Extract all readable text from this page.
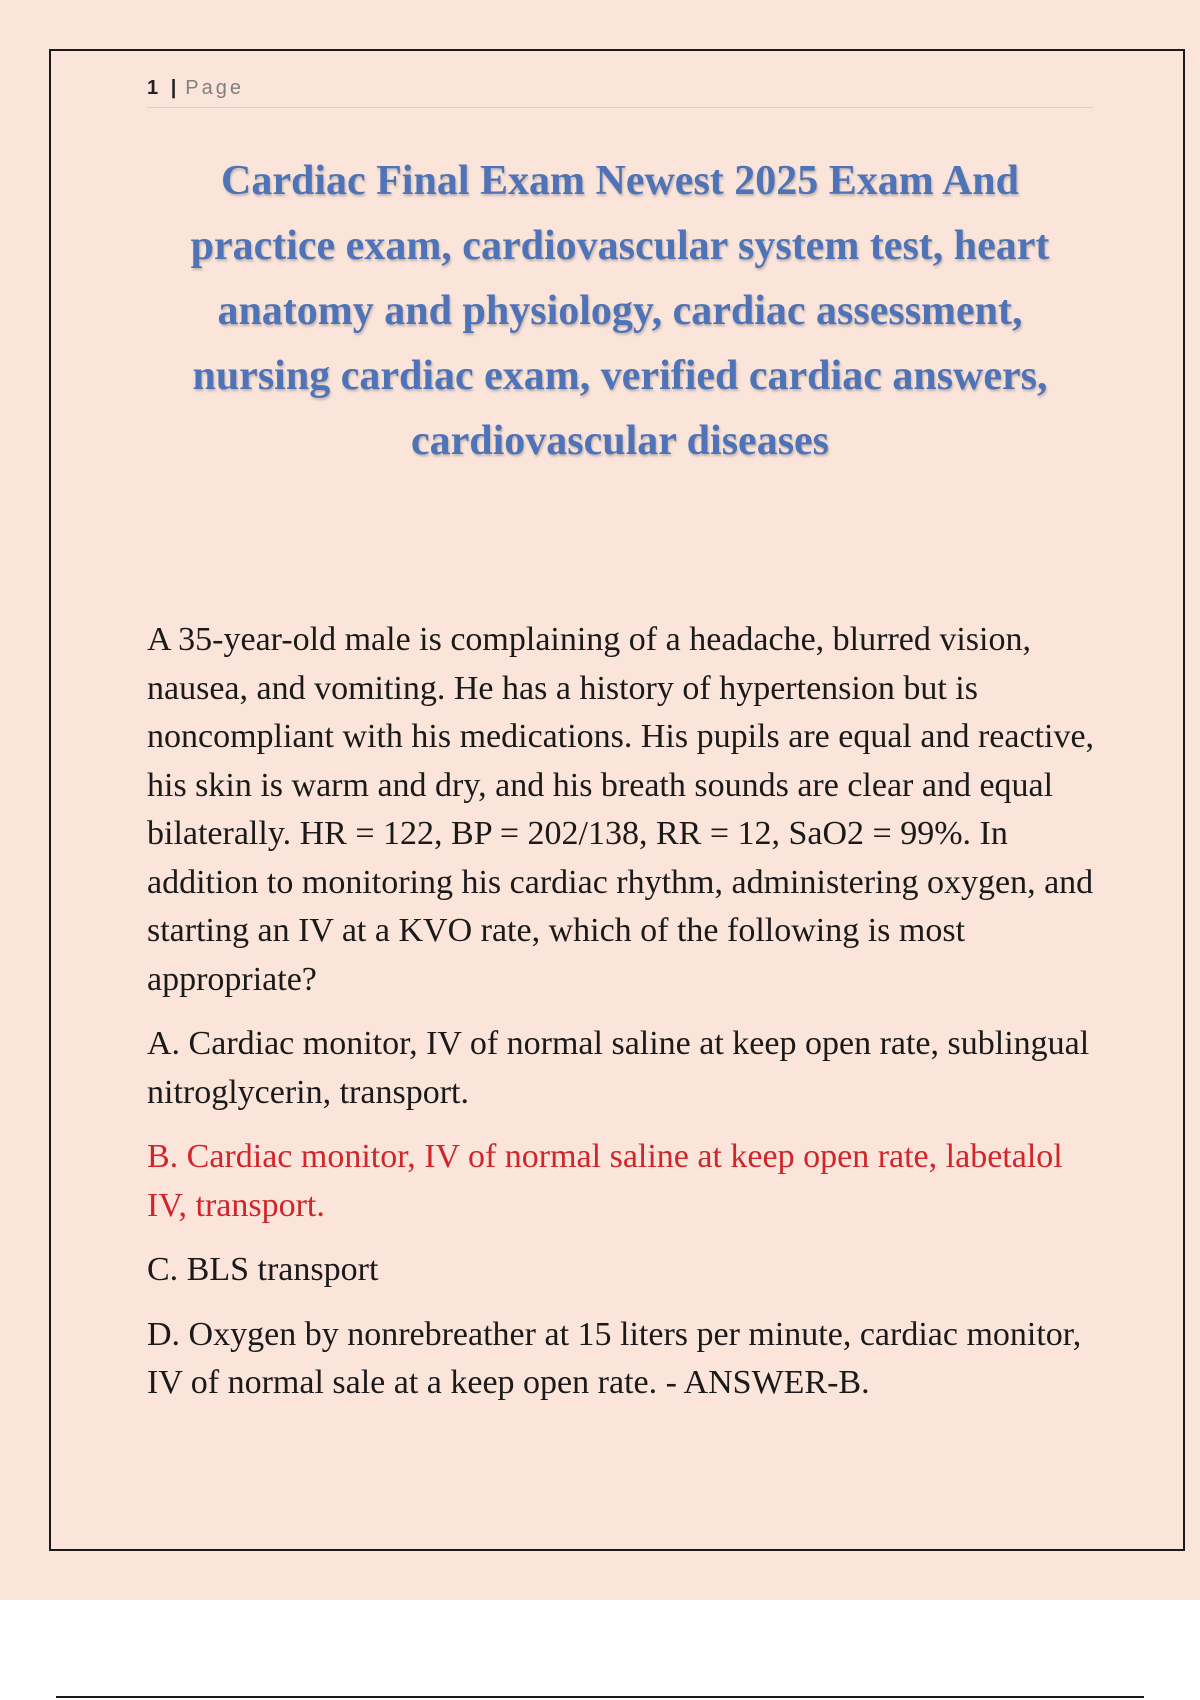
1 | Page
Cardiac Final Exam Newest 2025 Exam And practice exam, cardiovascular system test, heart anatomy and physiology, cardiac assessment, nursing cardiac exam, verified cardiac answers, cardiovascular diseases

A 35-year-old male is complaining of a headache, blurred vision, nausea, and vomiting. He has a history of hypertension but is noncompliant with his medications. His pupils are equal and reactive, his skin is warm and dry, and his breath sounds are clear and equal bilaterally. HR = 122, BP = 202/138, RR = 12, SaO2 = 99%. In addition to monitoring his cardiac rhythm, administering oxygen, and starting an IV at a KVO rate, which of the following is most appropriate?

A. Cardiac monitor, IV of normal saline at keep open rate, sublingual nitroglycerin, transport.

B. Cardiac monitor, IV of normal saline at keep open rate, labetalol IV, transport.

C. BLS transport

D. Oxygen by nonrebreather at 15 liters per minute, cardiac monitor, IV of normal sale at a keep open rate. - ANSWER-B.
